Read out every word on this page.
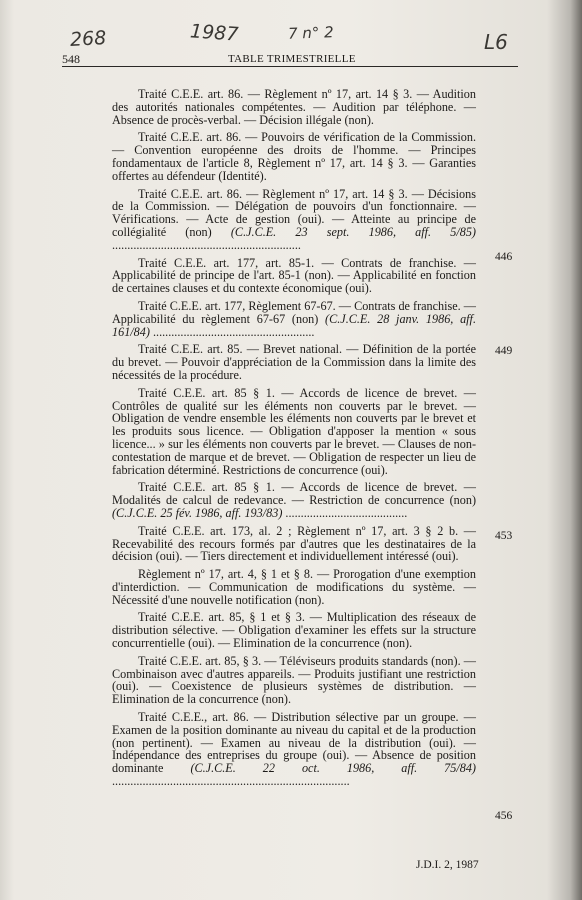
268	1987	7 n° 2	L6
548	TABLE TRIMESTRIELLE

Traité C.E.E. art. 86. — Règlement nº 17, art. 14 § 3. — Audition des autorités nationales compétentes. — Audition par téléphone. — Absence de procès-verbal. — Décision illégale (non).

Traité C.E.E. art. 86. — Pouvoirs de vérification de la Commission. — Convention européenne des droits de l'homme. — Principes fondamentaux de l'article 8, Règlement nº 17, art. 14 § 3. — Garanties offertes au défendeur (Identité).

Traité C.E.E. art. 86. — Règlement nº 17, art. 14 § 3. — Décisions de la Commission. — Délégation de pouvoirs d'un fonctionnaire. — Vérifications. — Acte de gestion (oui). — Atteinte au principe de collégialité (non) (C.J.C.E. 23 sept. 1986, aff. 5/85) ..............................................................

Traité C.E.E. art. 177, art. 85-1. — Contrats de franchise. — Applicabilité de principe de l'art. 85-1 (non). — Applicabilité en fonction de certaines clauses et du contexte économique (oui).

Traité C.E.E. art. 177, Règlement 67-67. — Contrats de franchise. — Applicabilité du règlement 67-67 (non) (C.J.C.E. 28 janv. 1986, aff. 161/84) .....................................................

Traité C.E.E. art. 85. — Brevet national. — Définition de la portée du brevet. — Pouvoir d'appréciation de la Commission dans la limite des nécessités de la procédure.

Traité C.E.E. art. 85 § 1. — Accords de licence de brevet. — Contrôles de qualité sur les éléments non couverts par le brevet. — Obligation de vendre ensemble les éléments non couverts par le brevet et les produits sous licence. — Obligation d'apposer la mention « sous licence... » sur les éléments non couverts par le brevet. — Clauses de non-contestation de marque et de brevet. — Obligation de respecter un lieu de fabrication déterminé. Restrictions de concurrence (oui).

Traité C.E.E. art. 85 § 1. — Accords de licence de brevet. — Modalités de calcul de redevance. — Restriction de concurrence (non) (C.J.C.E. 25 fév. 1986, aff. 193/83) ........................................

Traité C.E.E. art. 173, al. 2 ; Règlement nº 17, art. 3 § 2 b. — Recevabilité des recours formés par d'autres que les destinataires de la décision (oui). — Tiers directement et individuellement intéressé (oui).

Règlement nº 17, art. 4, § 1 et § 8. — Prorogation d'une exemption d'interdiction. — Communication de modifications du système. — Nécessité d'une nouvelle notification (non).

Traité C.E.E. art. 85, § 1 et § 3. — Multiplication des réseaux de distribution sélective. — Obligation d'examiner les effets sur la structure concurrentielle (oui). — Elimination de la concurrence (non).

Traité C.E.E. art. 85, § 3. — Téléviseurs produits standards (non). — Combinaison avec d'autres appareils. — Produits justifiant une restriction (oui). — Coexistence de plusieurs systèmes de distribution. — Elimination de la concurrence (non).

Traité C.E.E., art. 86. — Distribution sélective par un groupe. — Examen de la position dominante au niveau du capital et de la production (non pertinent). — Examen au niveau de la distribution (oui). — Indépendance des entreprises du groupe (oui). — Absence de position dominante (C.J.C.E. 22 oct. 1986, aff. 75/84) ..............................................................................

446
449
453
456
J.D.I. 2, 1987
